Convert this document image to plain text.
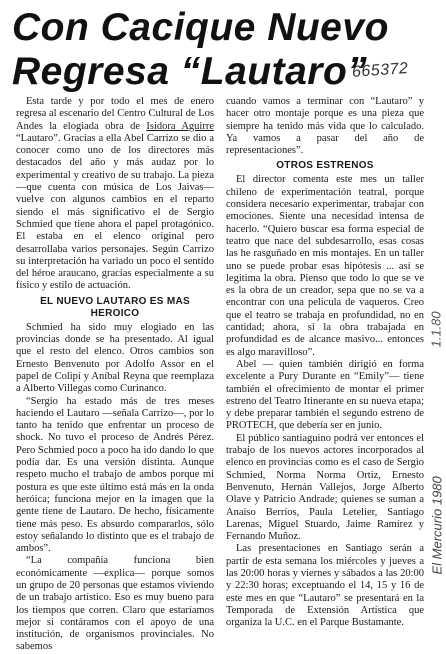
Con Cacique Nuevo
Regresa “Lautaro”
665372

Esta tarde y por todo el mes de enero regresa al escenario del Centro Cultural de Los Andes la elogiada obra de Isidora Aguirre “Lautaro”. Gracias a ella Abel Carrizo se dio a conocer como uno de los directores más destacados del año y más audaz por lo experimental y creativo de su trabajo. La pieza —que cuenta con música de Los Jaivas— vuelve con algunos cambios en el reparto siendo el más significativo el de Sergio Schmied que tiene ahora el papel protagónico. El estaba en el elenco original pero desarrollaba varios personajes. Según Carrizo su interpretación ha variado un poco el sentido del héroe araucano, gracias especialmente a su físico y estilo de actuación.

EL NUEVO LAUTARO ES MAS HEROICO

Schmied ha sido muy elogiado en las provincias donde se ha presentado. Al igual que el resto del elenco. Otros cambios son Ernesto Benvenuto por Adolfo Assor en el papel de Colipí y Aníbal Reyna que reemplaza a Alberto Villegas como Curinanco.

“Sergio ha estado más de tres meses haciendo el Lautaro —señala Carrizo—, por lo tanto ha tenido que enfrentar un proceso de shock. No tuvo el proceso de Andrés Pérez. Pero Schmied poco a poco ha ido dando lo que podía dar. Es una versión distinta. Aunque respeto mucho el trabajo de ambos porque mi postura es que este último está más en la onda heróica; funciona mejor en la imagen que la gente tiene de Lautaro. De hecho, físicamente tiene más peso. Es absurdo compararlos, sólo estoy señalando lo distinto que es el trabajo de ambos”.

“La compañía funciona bien económicamente —explica— porque somos un grupo de 20 personas que estamos viviendo de un trabajo artístico. Eso es muy bueno para los tiempos que corren. Claro que estaríamos mejor si contáramos con el apoyo de una institución, de organismos provinciales. No sabemos

cuando vamos a terminar con “Lautaro” y hacer otro montaje porque es una pieza que siempre ha tenido más vida que lo calculado. Ya vamos a pasar del año de representaciones”.

OTROS ESTRENOS

El director comenta este mes un taller chileno de experimentación teatral, porque considera necesario experimentar, trabajar con emociones. Siente una necesidad intensa de hacerlo. “Quiero buscar esa forma especial de teatro que nace del subdesarrollo, esas cosas las he rasguñado en mis montajes. En un taller uno se puede probar esas hipótesis ... así se legitima la obra. Pienso que todo lo que se ve es la obra de un creador, sepa que no se va a encontrar con una película de vaqueros. Creo que el teatro se trabaja en profundidad, no en cantidad; ahora, si la obra trabajada en profundidad es de alcance masivo... entonces es algo maravilloso”.

Abel — quien también dirigió en forma excelente a Pury Durante en “Emily”— tiene también el ofrecimiento de montar el primer estreno del Teatro Itinerante en su nueva etapa; y debe preparar también el segundo estreno de PROTECH, que debería ser en junio.

El público santiaguino podrá ver entonces el trabajo de los nuevos actores incorporados al elenco en provincias como es el caso de Sergio Schmied, Norma Norma Ortiz, Ernesto Benvenuto, Hernán Vallejos, Jorge Alberto Olave y Patricio Andrade; quienes se suman a Anaíso Berríos, Paula Letelier, Santiago Larenas, Miguel Stuardo, Jaime Ramírez y Fernando Muñoz.

Las presentaciones en Santiago serán a partir de esta semana los miércoles y jueves a las 20:00 horas y viernes y sábados a las 20:00 y 22:30 horas; exceptuando el 14, 15 y 16 de este mes en que “Lautaro” se presentará en la Temporada de Extensión Artística que organiza la U.C. en el Parque Bustamante.

1.1.80
El Mercurio 1980
